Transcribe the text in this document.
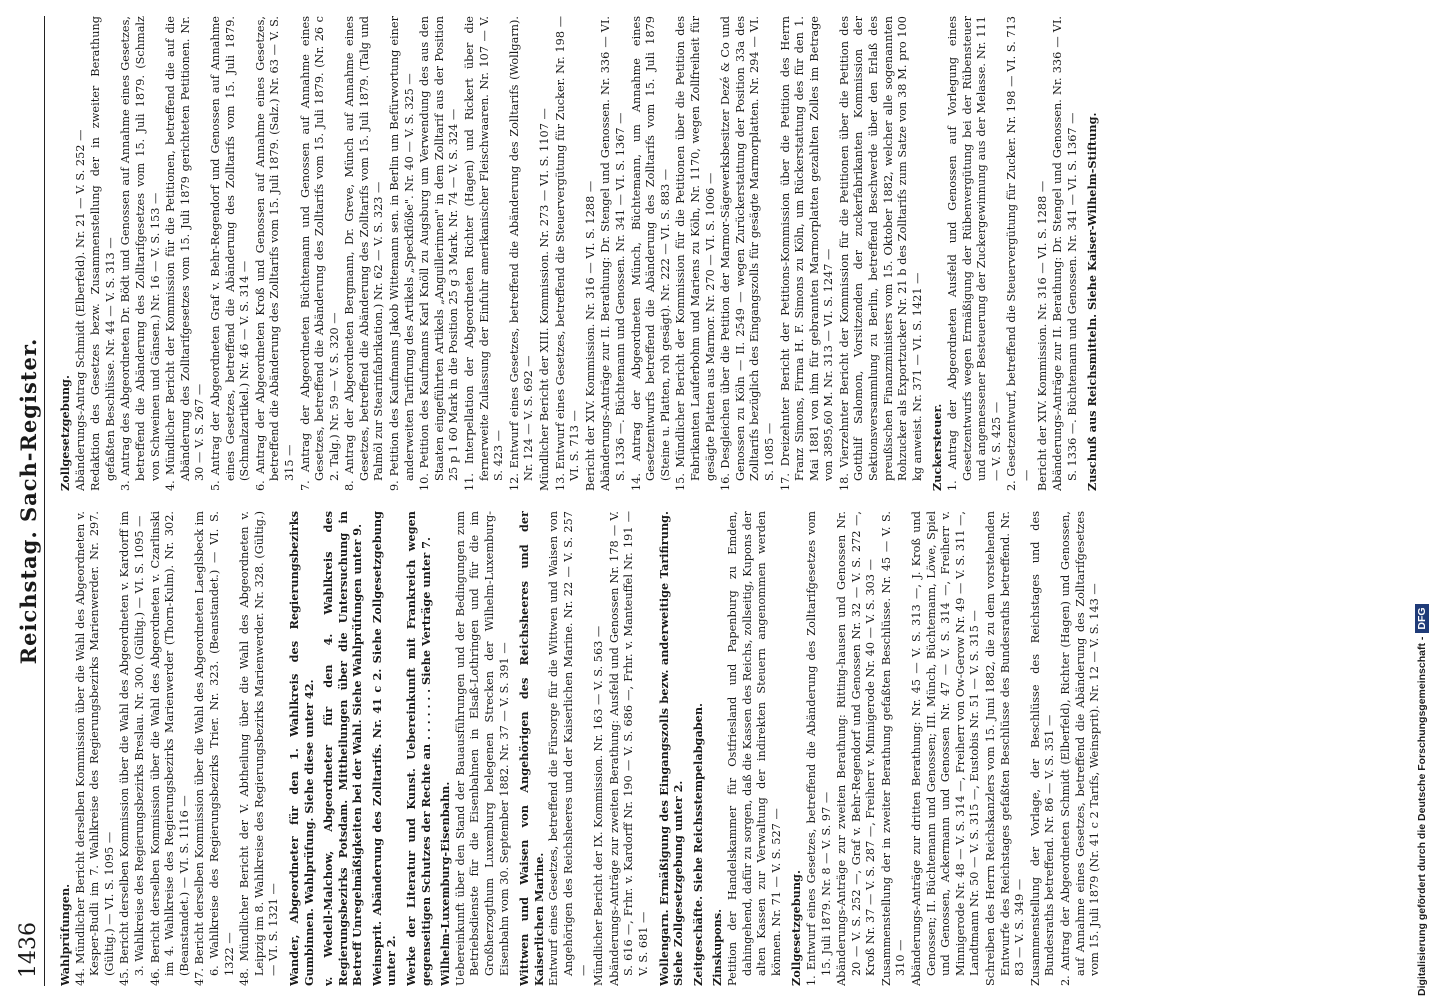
1436
Reichstag. Sach-Register.

Wahlprüfungen. 44. Mündlicher Bericht derselben Kommission über die Wahl des Abgeordneten v. Kesper-Budli im 7. Wahlkreise des Regierungsbezirks Marienwerder. Nr. 297. (Gültig.) — VI. S. 1095 — 45. Bericht derselben Kommission über die Wahl des Abgeordneten v. Kardorff im 3. Wahlkreise des Regierungsbezirks Breslau. Nr. 300. (Gültig.) — VI. S. 1095 — 46. Bericht derselben Kommission über die Wahl des Abgeordneten v. Czarlinski im 4. Wahlkreise des Regierungsbezirks Marienwerder (Thorn-Kulm). Nr. 302. (Beanstandet.) — VI. S. 1116 — 47. Bericht derselben Kommission über die Wahl des Abgeordneten Laeglsbeck im 6. Wahlkreise des Regierungsbezirks Trier. Nr. 323. (Beanstandet.) — VI. S. 1322 — 48. Mündlicher Bericht der V. Abtheilung über die Wahl des Abgeordneten v. Leipzig im 8. Wahlkreise des Regierungsbezirks Marienwerder. Nr. 328. (Gültig.) — VI. S. 1321 — Wander, Abgeordneter für den 1. Wahlkreis des Regierungsbezirks Gumbinnen. Wahlprüfung. Siehe diese unter 42. v. Wedell-Malchow, Abgeordneter für den 4. Wahlkreis des Regierungsbezirks Potsdam. Mittheilungen über die Untersuchung in Betreff Unregelmäßigkeiten bei der Wahl. Siehe Wahlprüfungen unter 9. Weinsprit. Abänderung des Zolltarifs. Nr. 41 c 2. Siehe Zollgesetzgebung unter 2. Werke der Literatur und Kunst. Uebereinkunft mit Frankreich wegen gegenseitigen Schutzes der Rechte an . . . . . . . Siehe Verträge unter 7. Wilhelm-Luxemburg-Eisenbahn. Uebereinkunft über den Stand der Bauausführungen und der Bedingungen zum Betriebsdienste für die Eisenbahnen in Elsaß-Lothringen und für die im Großherzogthum Luxemburg belegenen Strecken der Wilhelm-Luxemburg-Eisenbahn vom 30. September 1882. Nr. 37 — V. S. 391 — Wittwen und Waisen von Angehörigen des Reichsheeres und der Kaiserlichen Marine. Entwurf eines Gesetzes, betreffend die Fürsorge für die Wittwen und Waisen von Angehörigen des Reichsheeres und der Kaiserlichen Marine. Nr. 22 — V. S. 257 — Mündlicher Bericht der IX. Kommission. Nr. 163 — V. S. 563 — Abänderungs-Anträge zur zweiten Berathung: Ausfeld und Genossen Nr. 178 — V. S. 616 —, Frhr. v. Kardorff Nr. 190 — V. S. 686 —, Frhr. v. Manteuffel Nr. 191 — V. S. 681 — Wollengarn. Ermäßigung des Eingangszolls bezw. anderweitige Tarifirung. Siehe Zollgesetzgebung unter 2. Zeitgeschäfte. Siehe Reichsstempelabgaben. Zinskupons. Petition der Handelskammer für Ostfriesland und Papenburg zu Emden, dahingehend, dafür zu sorgen, daß die Kassen des Reichs, zollseitig, Kupons der alten Kassen zur Verwaltung der indirekten Steuern angenommen werden können. Nr. 71 — V. S. 527 — Zollgesetzgebung. 1. Entwurf eines Gesetzes, betreffend die Abänderung des Zolltarifgesetzes vom 15. Juli 1879. Nr. 8 — V. S. 97 — Abänderungs-Anträge zur zweiten Berathung: Ritting-hausen und Genossen Nr. 20 — V. S. 252 —, Graf v. Behr-Regendorf und Genossen Nr. 32 — V. S. 272 —, Kroß Nr. 37 — V. S. 287 —, Freiherr v. Minnigerode Nr. 40 — V. S. 303 — Zusammenstellung der in zweiter Berathung gefaßten Beschlüsse. Nr. 45 — V. S. 310 — Abänderungs-Anträge zur dritten Berathung: Nr. 45 — V. S. 313 —, J. Kroß und Genossen; II. Büchtemann und Genossen; III. Münch, Büchtemann, Löwe, Spiel und Genossen, Ackermann und Genossen Nr. 47 — V. S. 314 —, Freiherr v. Minnigerode Nr. 48 — V. S. 314 —, Freiherr von Ow-Gerow Nr. 49 — V. S. 311 —, Landtmann Nr. 50 — V. S. 315 —, Eustobis Nr. 51 — V. S. 315 — Schreiben des Herrn Reichskanzlers vom 15. Juni 1882, die zu dem vorstehenden Entwurfe des Reichstages gefaßten Beschlüsse des Bundesraths betreffend. Nr. 83 — V. S. 349 — Zusammenstellung der Vorlage, der Beschlüsse des Reichstages und des Bundesraths betreffend. Nr. 86 — V. S. 351 — 2. Antrag der Abgeordneten Schmidt (Elberfeld), Richter (Hagen) und Genossen, auf Annahme eines Gesetzes, betreffend die Abänderung des Zolltarifgesetzes vom 15. Juli 1879 (Nr. 41 c 2 Tarifs, Weinsprit). Nr. 12 — V. S. 143 —

Zollgesetzgebung. Abänderungs-Antrag Schmidt (Elberfeld). Nr. 21 — V. S. 252 — Redaktion des Gesetzes bezw. Zusammenstellung der in zweiter Berathung gefaßten Beschlüsse. Nr. 44 — V. S. 313 — 3. Antrag des Abgeordneten Dr. Bödt und Genossen auf Annahme eines Gesetzes, betreffend die Abänderung des Zolltarifgesetzes vom 15. Juli 1879. (Schmalz von Schweinen und Gänsen.) Nr. 16 — V. S. 153 — 4. Mündlicher Bericht der Kommission für die Petitionen, betreffend die auf die Abänderung des Zolltarifgesetzes vom 15. Juli 1879 gerichteten Petitionen. Nr. 30 — V. S. 267 — 5. Antrag der Abgeordneten Graf v. Behr-Regendorf und Genossen auf Annahme eines Gesetzes, betreffend die Abänderung des Zolltarifs vom 15. Juli 1879. (Schmalzartikel.) Nr. 46 — V. S. 314 — 6. Antrag der Abgeordneten Kroß und Genossen auf Annahme eines Gesetzes, betreffend die Abänderung des Zolltarifs vom 15. Juli 1879. (Salz.) Nr. 63 — V. S. 315 — 7. Antrag der Abgeordneten Büchtemann und Genossen auf Annahme eines Gesetzes, betreffend die Abänderung des Zolltarifs vom 15. Juli 1879. (Nr. 26 c 2. Talg.) Nr. 59 — V. S. 320 — 8. Antrag der Abgeordneten Bergmann, Dr. Greve, Münch auf Annahme eines Gesetzes, betreffend die Abänderung des Zolltarifs vom 15. Juli 1879. (Talg und Palmöl zur Stearinfabrikation.) Nr. 62 — V. S. 323 — 9. Petition des Kaufmanns Jakob Wittemann sen. in Berlin um Befürwortung einer anderweiten Tarifirung des Artikels „Speckflöße". Nr. 40 — V. S. 325 — 10. Petition des Kaufmanns Karl Knöll zu Augsburg um Verwendung des aus den Staaten eingeführten Artikels „Anguillerinnen" in dem Zolltarif aus der Position 25 p 1 60 Mark in die Position 25 g 3 Mark. Nr. 74 — V. S. 324 — 11. Interpellation der Abgeordneten Richter (Hagen) und Rickert über die fernerweite Zulassung der Einfuhr amerikanischer Fleischwaaren. Nr. 107 — V. S. 423 — 12. Entwurf eines Gesetzes, betreffend die Abänderung des Zolltarifs (Wollgarn). Nr. 124 — V. S. 692 — Mündlicher Bericht der XIII. Kommission. Nr. 273 — VI. S. 1107 — 13. Entwurf eines Gesetzes, betreffend die Steuervergütung für Zucker. Nr. 198 — VI. S. 713 — Bericht der XIV. Kommission. Nr. 316 — VI. S. 1288 — Abänderungs-Anträge zur II. Berathung: Dr. Stengel und Genossen. Nr. 336 — VI. S. 1336 —. Büchtemann und Genossen. Nr. 341 — VI. S. 1367 — 14. Antrag der Abgeordneten Münch, Büchtemann, um Annahme eines Gesetzentwurfs betreffend die Abänderung des Zolltarifs vom 15. Juli 1879 (Steine u. Platten, roh gesägt). Nr. 222 — VI. S. 883 — 15. Mündlicher Bericht der Kommission für die Petitionen über die Petition des Fabrikanten Lauferbohm und Mariens zu Köln, Nr. 1170, wegen Zollfreiheit für gesägte Platten aus Marmor. Nr. 270 — VI. S. 1006 — 16. Desgleichen über die Petition der Marmor-Sägewerksbesitzer Dezé & Co und Genossen zu Köln — II. 2549 — wegen Zurückerstattung der Position 33a des Zolltarifs bezüglich des Eingangszolls für gesägte Marmorplatten. Nr. 294 — VI. S. 1085 — 17. Dreizehnter Bericht der Petitions-Kommission über die Petition des Herrn Franz Simons, Firma H. F. Simons zu Köln, um Rückerstattung des für den 1. Mai 1881 von ihm für gebrannten Marmorplatten gezahlten Zolles im Betrage von 3895,60 M. Nr. 313 — VI. S. 1247 — 18. Vierzehnter Bericht der Kommission für die Petitionen über die Petition des Gotthilf Salomon, Vorsitzenden der zuckerfabrikanten Kommission der Sektionsversammlung zu Berlin, betreffend Beschwerde über den Erlaß des preußischen Finanzministers vom 15. Oktober 1882, welcher alle sogenannten Rohzucker als Exportzucker Nr. 21 b des Zolltarifs zum Satze von 38 M. pro 100 kg anweist. Nr. 371 — VI. S. 1421 — Zuckersteuer. 1. Antrag der Abgeordneten Ausfeld und Genossen auf Vorlegung eines Gesetzentwurfs wegen Ermäßigung der Rübenvergütung bei der Rübensteuer und angemessener Besteuerung der Zuckergewinnung aus der Melasse. Nr. 111 — V. S. 425 — 2. Gesetzentwurf, betreffend die Steuervergütung für Zucker. Nr. 198 — VI. S. 713 — Bericht der XIV. Kommission. Nr. 316 — VI. S. 1288 — Abänderungs-Anträge zur II. Berathung: Dr. Stengel und Genossen. Nr. 336 — VI. S. 1336 —. Büchtemann und Genossen. Nr. 341 — VI. S. 1367 — Zuschuß aus Reichsmitteln. Siehe Kaiser-Wilhelm-Stiftung.

Digitalisierung gefördert durch die Deutsche Forschungsgemeinschaft -DFG
